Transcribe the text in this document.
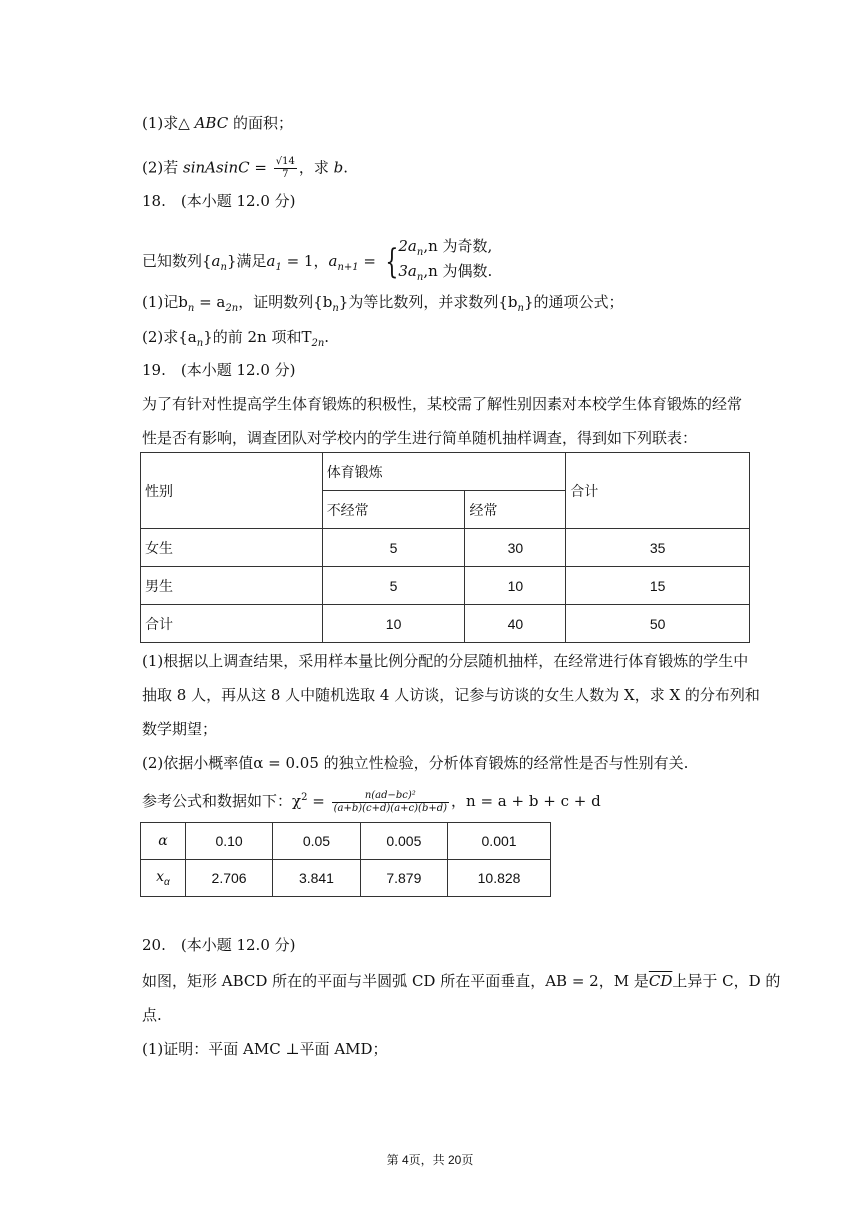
(1)求△ ABC 的面积；
(2)若 sinAsinC = $\frac{√14}{7}$ ，求 b.
18.　(本小题 12.0 分)
已知数列$\{a_n\}$满足$a_1 = 1$，$a_{n+1}$ = { $2a_n,n$ 为奇数,
$3a_n,n$ 为偶数.
(1)记$b_n = a_{2n}$，证明数列$\{b_n\}$为等比数列，并求数列$\{b_n\}$的通项公式；
(2)求$\{a_n\}$的前 2n 项和$T_{2n}$.
19.　(本小题 12.0 分)
为了有针对性提高学生体育锻炼的积极性，某校需了解性别因素对本校学生体育锻炼的经常
性是否有影响，调查团队对学校内的学生进行简单随机抽样调查，得到如下列联表：
性别	体育锻炼		合计
	不经常	经常	
女生	5	30	35
男生	5	10	15
合计	10	40	50
(1)根据以上调查结果，采用样本量比例分配的分层随机抽样，在经常进行体育锻炼的学生中
抽取 8 人，再从这 8 人中随机选取 4 人访谈，记参与访谈的女生人数为 X，求 X 的分布列和
数学期望；
(2)依据小概率值α = 0.05 的独立性检验，分析体育锻炼的经常性是否与性别有关.
参考公式和数据如下：$\chi^2 = \frac{\text{n(ad−bc)²}}{(a+b)(c+d)(a+c)(b+d)}$ ，n = a + b + c + d
α	0.10	0.05	0.005	0.001
$x_\alpha$	2.706	3.841	7.879	10.828
20.　(本小题 12.0 分)
如图，矩形 ABCD 所在的平面与半圆弧 CD 所在平面垂直，AB = 2，M 是$\overline{CD}$上异于 C，D 的
点.
(1)证明：平面 AMC ⊥平面 AMD；
第 4页，共 20页
